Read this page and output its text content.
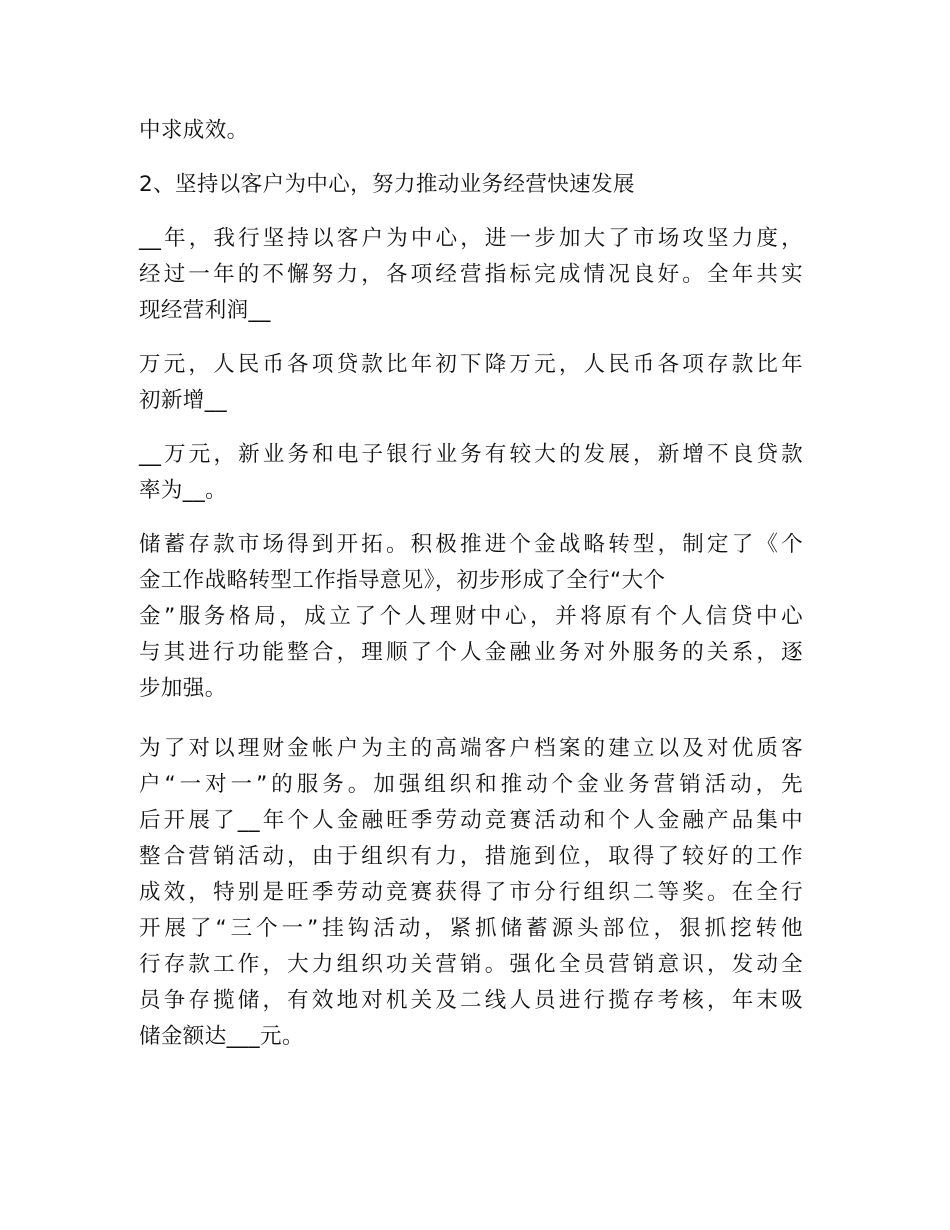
中求成效。
2、坚持以客户为中心，努力推动业务经营快速发展
__年，我行坚持以客户为中心，进一步加大了市场攻坚力度，
经过一年的不懈努力，各项经营指标完成情况良好。全年共实
现经营利润__
万元，人民币各项贷款比年初下降万元，人民币各项存款比年
初新增__
__万元，新业务和电子银行业务有较大的发展，新增不良贷款
率为__。
储蓄存款市场得到开拓。积极推进个金战略转型，制定了《个
金工作战略转型工作指导意见》，初步形成了全行“大个
金”服务格局，成立了个人理财中心，并将原有个人信贷中心
与其进行功能整合，理顺了个人金融业务对外服务的关系，逐
步加强。
为了对以理财金帐户为主的高端客户档案的建立以及对优质客
户“一对一”的服务。加强组织和推动个金业务营销活动，先
后开展了__年个人金融旺季劳动竞赛活动和个人金融产品集中
整合营销活动，由于组织有力，措施到位，取得了较好的工作
成效，特别是旺季劳动竞赛获得了市分行组织二等奖。在全行
开展了“三个一”挂钩活动，紧抓储蓄源头部位，狠抓挖转他
行存款工作，大力组织功关营销。强化全员营销意识，发动全
员争存揽储，有效地对机关及二线人员进行揽存考核，年末吸
储金额达___元。
